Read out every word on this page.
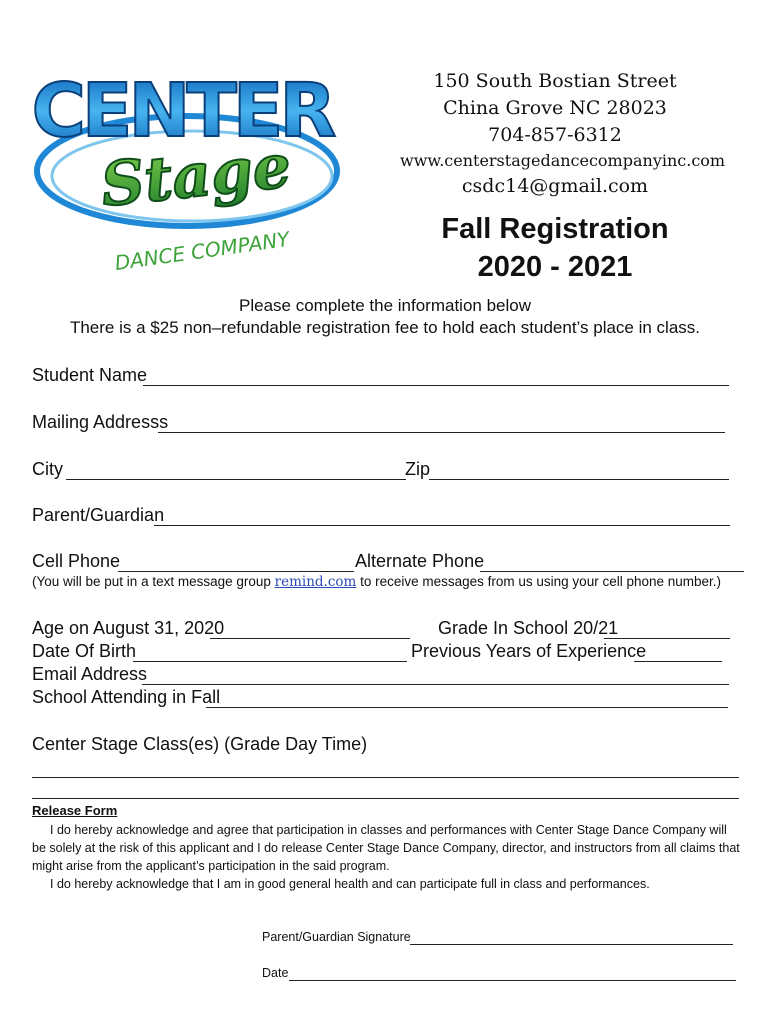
CENTER
Stage
DANCE COMPANY
150 South Bostian Street
China Grove NC 28023
704-857-6312
www.centerstagedancecompanyinc.com
csdc14@gmail.com
Fall Registration
2020 - 2021
Please complete the information below
There is a $25 non–refundable registration fee to hold each student’s place in class.
Student Name
Mailing Addresss
City	Zip
Parent/Guardian
Cell Phone	Alternate Phone
(You will be put in a text message group remind.com to receive messages from us using your cell phone number.)
Age on August 31, 2020	Grade In School 20/21
Date Of Birth	Previous Years of Experience
Email Address
School Attending in Fall
Center Stage Class(es) (Grade Day Time)
Release Form
I do hereby acknowledge and agree that participation in classes and performances with Center Stage Dance Company will be solely at the risk of this applicant and I do release Center Stage Dance Company, director, and instructors from all claims that might arise from the applicant’s participation in the said program.
I do hereby acknowledge that I am in good general health and can participate full in class and performances.
Parent/Guardian Signature
Date
